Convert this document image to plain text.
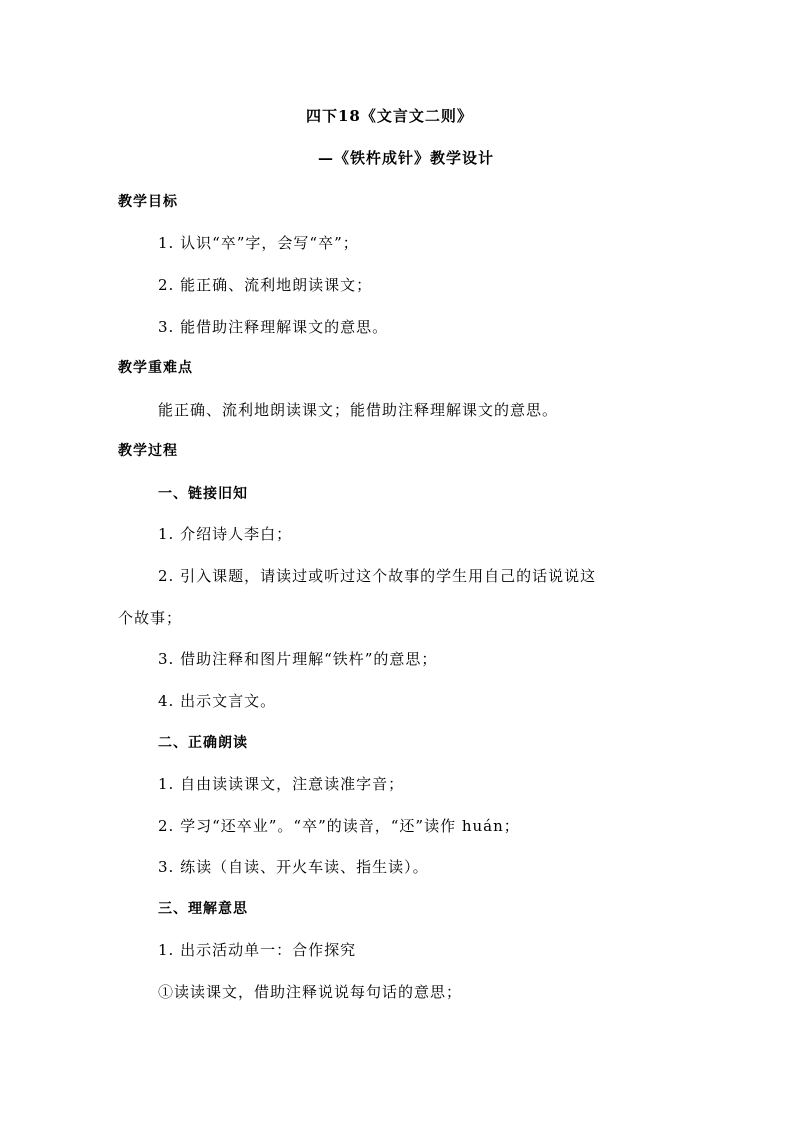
四下18《文言文二则》
—《铁杵成针》教学设计
教学目标
1. 认识“卒”字，会写“卒”；
2. 能正确、流利地朗读课文；
3. 能借助注释理解课文的意思。
教学重难点
能正确、流利地朗读课文；能借助注释理解课文的意思。
教学过程
一、链接旧知
1. 介绍诗人李白；
2. 引入课题，请读过或听过这个故事的学生用自己的话说说这
个故事；
3. 借助注释和图片理解“铁杵”的意思；
4. 出示文言文。
二、正确朗读
1. 自由读读课文，注意读准字音；
2. 学习“还卒业”。“卒”的读音，“还”读作 huán；
3. 练读（自读、开火车读、指生读）。
三、理解意思
1. 出示活动单一：合作探究
①读读课文，借助注释说说每句话的意思；
